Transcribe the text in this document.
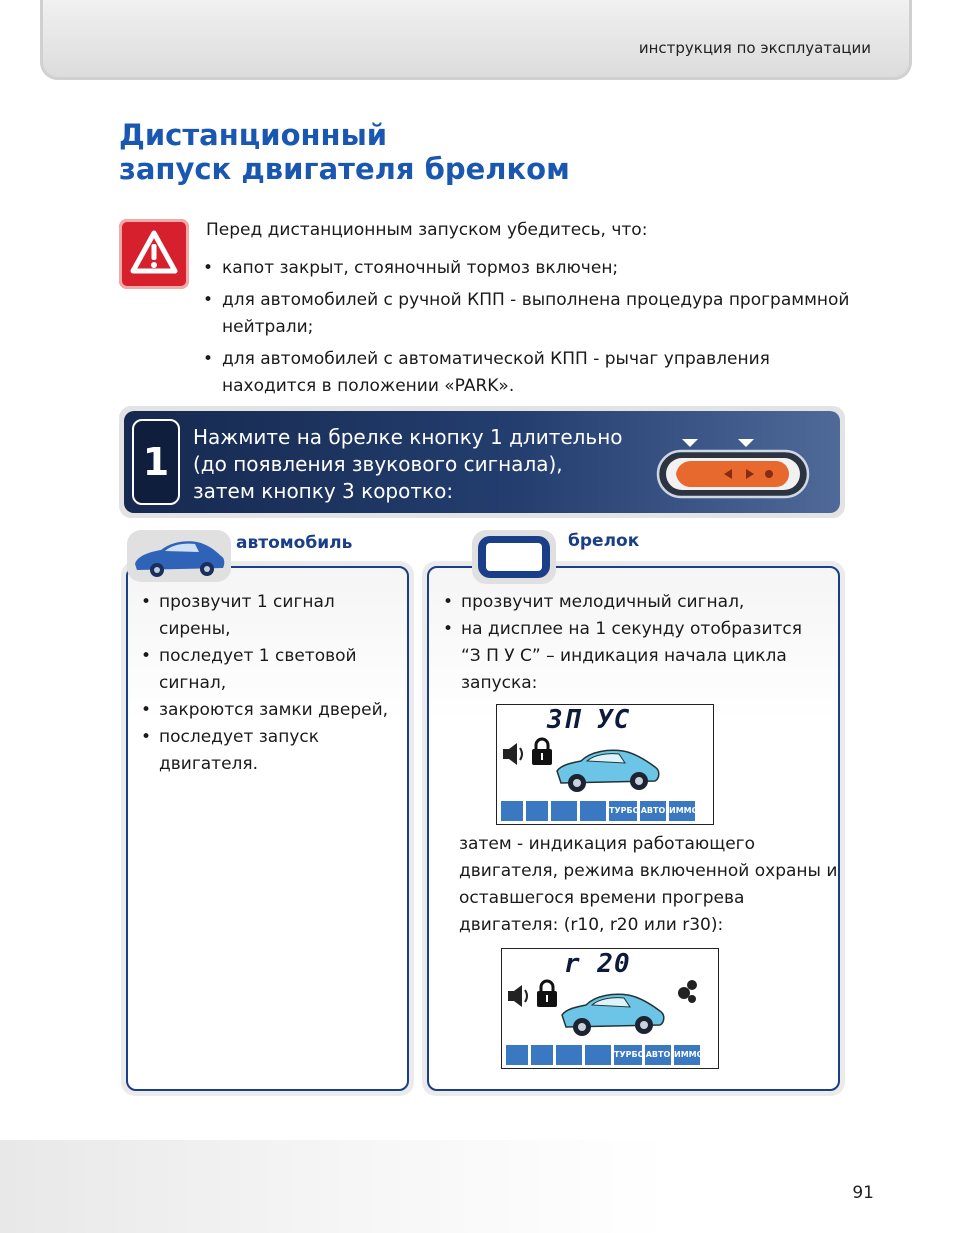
инструкция по эксплуатации
Дистанционный
запуск двигателя брелком
Перед дистанционным запуском убедитесь, что:
• капот закрыт, стояночный тормоз включен;
• для автомобилей с ручной КПП - выполнена процедура программной нейтрали;
• для автомобилей с автоматической КПП - рычаг управления находится в положении «PARK».
1
Нажмите на брелке кнопку 1 длительно
(до появления звукового сигнала),
затем кнопку 3 коротко:
автомобиль
• прозвучит 1 сигнал сирены,
• последует 1 световой сигнал,
• закроются замки дверей,
• последует запуск двигателя.
брелок
• прозвучит мелодичный сигнал,
• на дисплее на 1 секунду отобразится “З П У С” – индикация начала цикла запуска:
ЗП УС
ТУРБО АВТО ИММО
затем - индикация работающего двигателя, режима включенной охраны и оставшегося времени прогрева двигателя: (r10, r20 или r30):
r 20
ТУРБО АВТО ИММО
91
